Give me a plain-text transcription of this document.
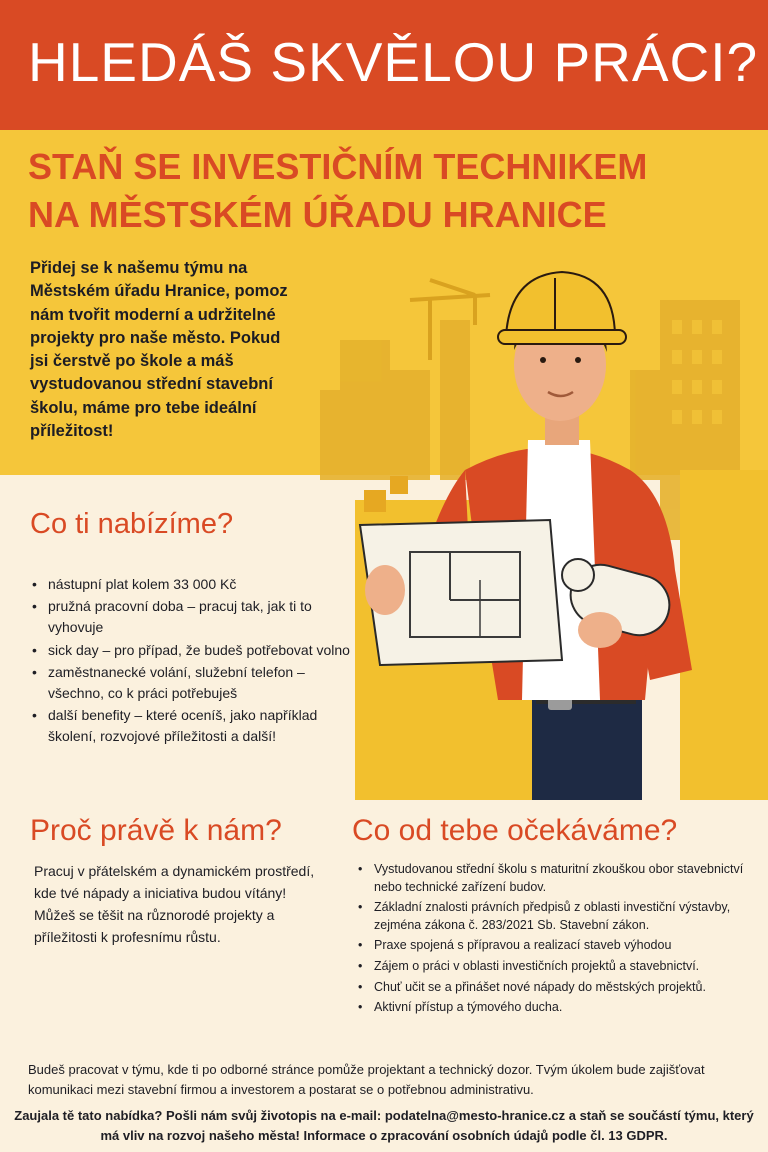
HLEDÁŠ SKVĚLOU PRÁCI?
STAŇ SE INVESTIČNÍM TECHNIKEM
NA MĚSTSKÉM ÚŘADU HRANICE

Přidej se k našemu týmu na Městském úřadu Hranice, pomoz nám tvořit moderní a udržitelné projekty pro naše město. Pokud jsi čerstvě po škole a máš vystudovanou střední stavební školu, máme pro tebe ideální příležitost!

Co ti nabízíme?
• nástupní plat kolem 33 000 Kč
• pružná pracovní doba – pracuj tak, jak ti to vyhovuje
• sick day – pro případ, že budeš potřebovat volno
• zaměstnanecké volání, služební telefon – všechno, co k práci potřebuješ
• další benefity – které oceníš, jako například školení, rozvojové příležitosti a další!
Proč právě k nám?

Pracuj v přátelském a dynamickém prostředí, kde tvé nápady a iniciativa budou vítány! Můžeš se těšit na různorodé projekty a příležitosti k profesnímu růstu.

Co od tebe očekáváme?
• Vystudovanou střední školu s maturitní zkouškou obor stavebnictví nebo technické zařízení budov.
• Základní znalosti právních předpisů z oblasti investiční výstavby, zejména zákona č. 283/2021 Sb. Stavební zákon.
• Praxe spojená s přípravou a realizací staveb výhodou
• Zájem o práci v oblasti investičních projektů a stavebnictví.
• Chuť učit se a přinášet nové nápady do městských projektů.
• Aktivní přístup a týmového ducha.

Budeš pracovat v týmu, kde ti po odborné stránce pomůže projektant a technický dozor. Tvým úkolem bude zajišťovat komunikaci mezi stavební firmou a investorem a postarat se o potřebnou administrativu.

Zaujala tě tato nabídka? Pošli nám svůj životopis na e-mail: podatelna@mesto-hranice.cz a staň se součástí týmu, který má vliv na rozvoj našeho města! Informace o zpracování osobních údajů podle čl. 13 GDPR.
